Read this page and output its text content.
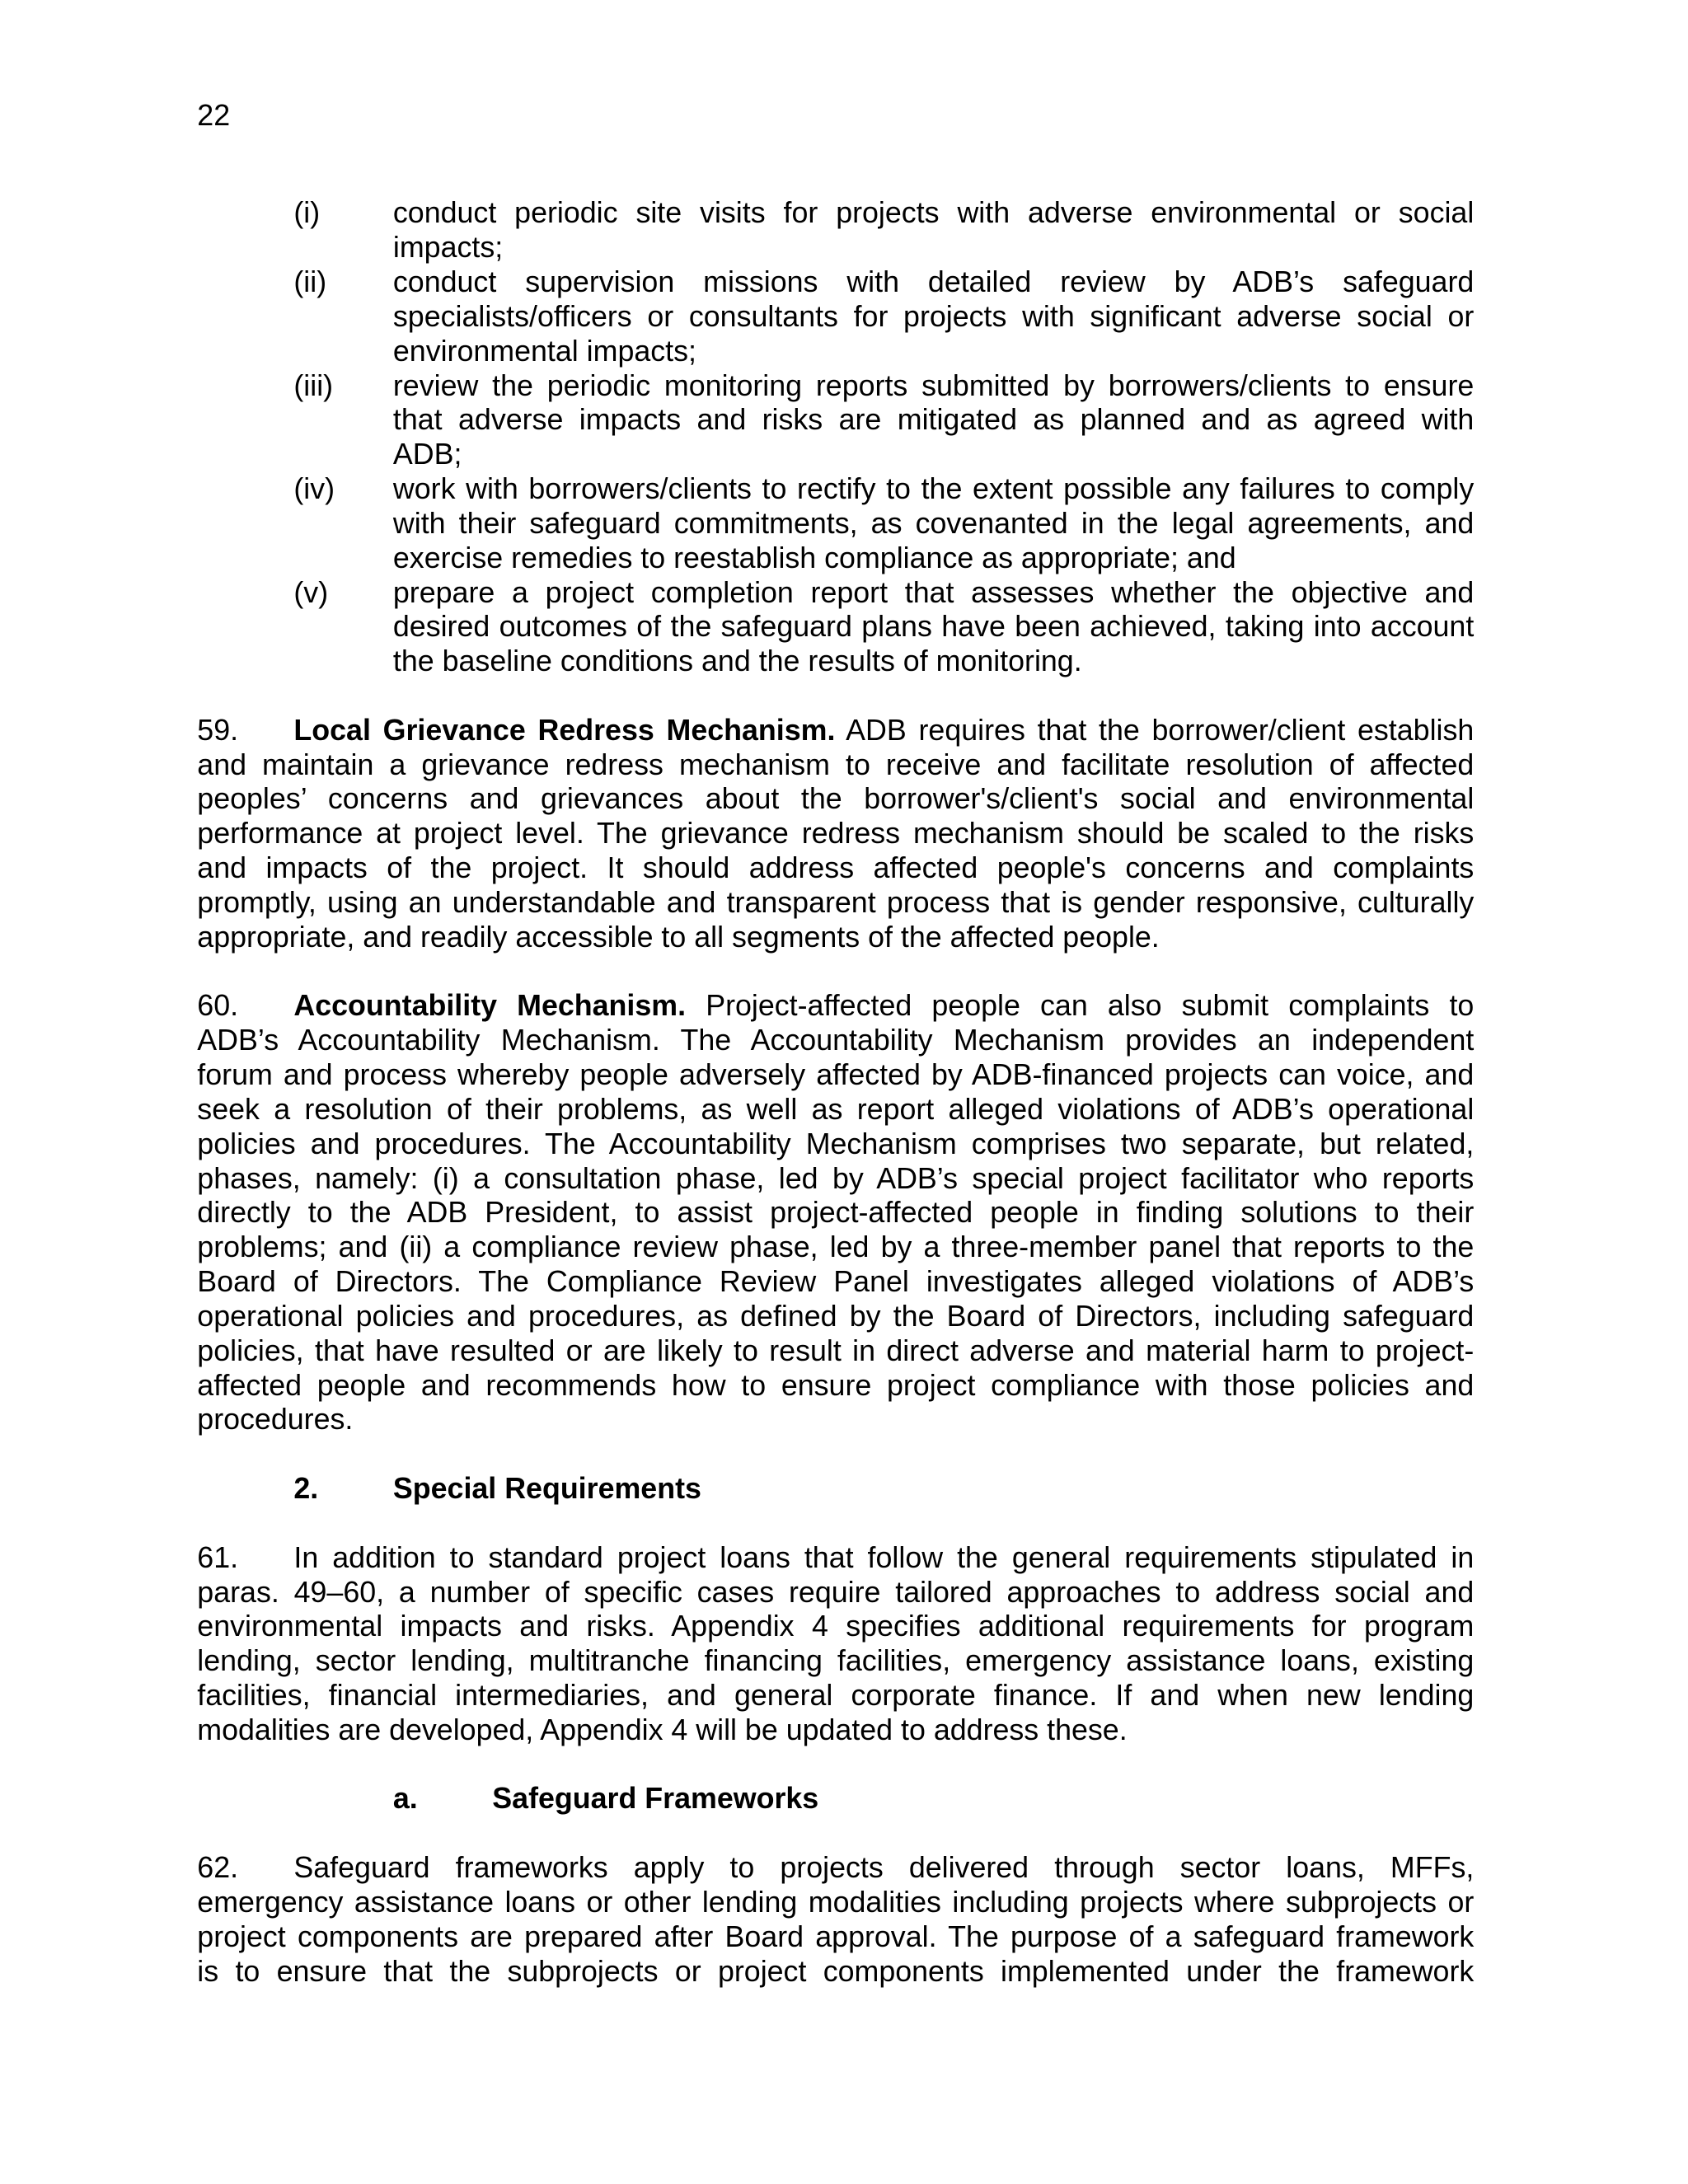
22
(i) conduct periodic site visits for projects with adverse environmental or social
impacts;
(ii) conduct supervision missions with detailed review by ADB’s safeguard
specialists/officers or consultants for projects with significant adverse social or
environmental impacts;
(iii) review the periodic monitoring reports submitted by borrowers/clients to ensure
that adverse impacts and risks are mitigated as planned and as agreed with
ADB;
(iv) work with borrowers/clients to rectify to the extent possible any failures to comply
with their safeguard commitments, as covenanted in the legal agreements, and
exercise remedies to reestablish compliance as appropriate; and
(v) prepare a project completion report that assesses whether the objective and
desired outcomes of the safeguard plans have been achieved, taking into account
the baseline conditions and the results of monitoring.
59. Local Grievance Redress Mechanism. ADB requires that the borrower/client establish
and maintain a grievance redress mechanism to receive and facilitate resolution of affected
peoples’ concerns and grievances about the borrower's/client's social and environmental
performance at project level. The grievance redress mechanism should be scaled to the risks
and impacts of the project. It should address affected people's concerns and complaints
promptly, using an understandable and transparent process that is gender responsive, culturally
appropriate, and readily accessible to all segments of the affected people.
60. Accountability Mechanism. Project-affected people can also submit complaints to
ADB’s Accountability Mechanism. The Accountability Mechanism provides an independent
forum and process whereby people adversely affected by ADB-financed projects can voice, and
seek a resolution of their problems, as well as report alleged violations of ADB’s operational
policies and procedures. The Accountability Mechanism comprises two separate, but related,
phases, namely: (i) a consultation phase, led by ADB’s special project facilitator who reports
directly to the ADB President, to assist project-affected people in finding solutions to their
problems; and (ii) a compliance review phase, led by a three-member panel that reports to the
Board of Directors. The Compliance Review Panel investigates alleged violations of ADB’s
operational policies and procedures, as defined by the Board of Directors, including safeguard
policies, that have resulted or are likely to result in direct adverse and material harm to project-
affected people and recommends how to ensure project compliance with those policies and
procedures.
2.	Special Requirements
61. In addition to standard project loans that follow the general requirements stipulated in
paras. 49–60, a number of specific cases require tailored approaches to address social and
environmental impacts and risks. Appendix 4 specifies additional requirements for program
lending, sector lending, multitranche financing facilities, emergency assistance loans, existing
facilities, financial intermediaries, and general corporate finance. If and when new lending
modalities are developed, Appendix 4 will be updated to address these.
a.	Safeguard Frameworks
62. Safeguard frameworks apply to projects delivered through sector loans, MFFs,
emergency assistance loans or other lending modalities including projects where subprojects or
project components are prepared after Board approval. The purpose of a safeguard framework
is to ensure that the subprojects or project components implemented under the framework
